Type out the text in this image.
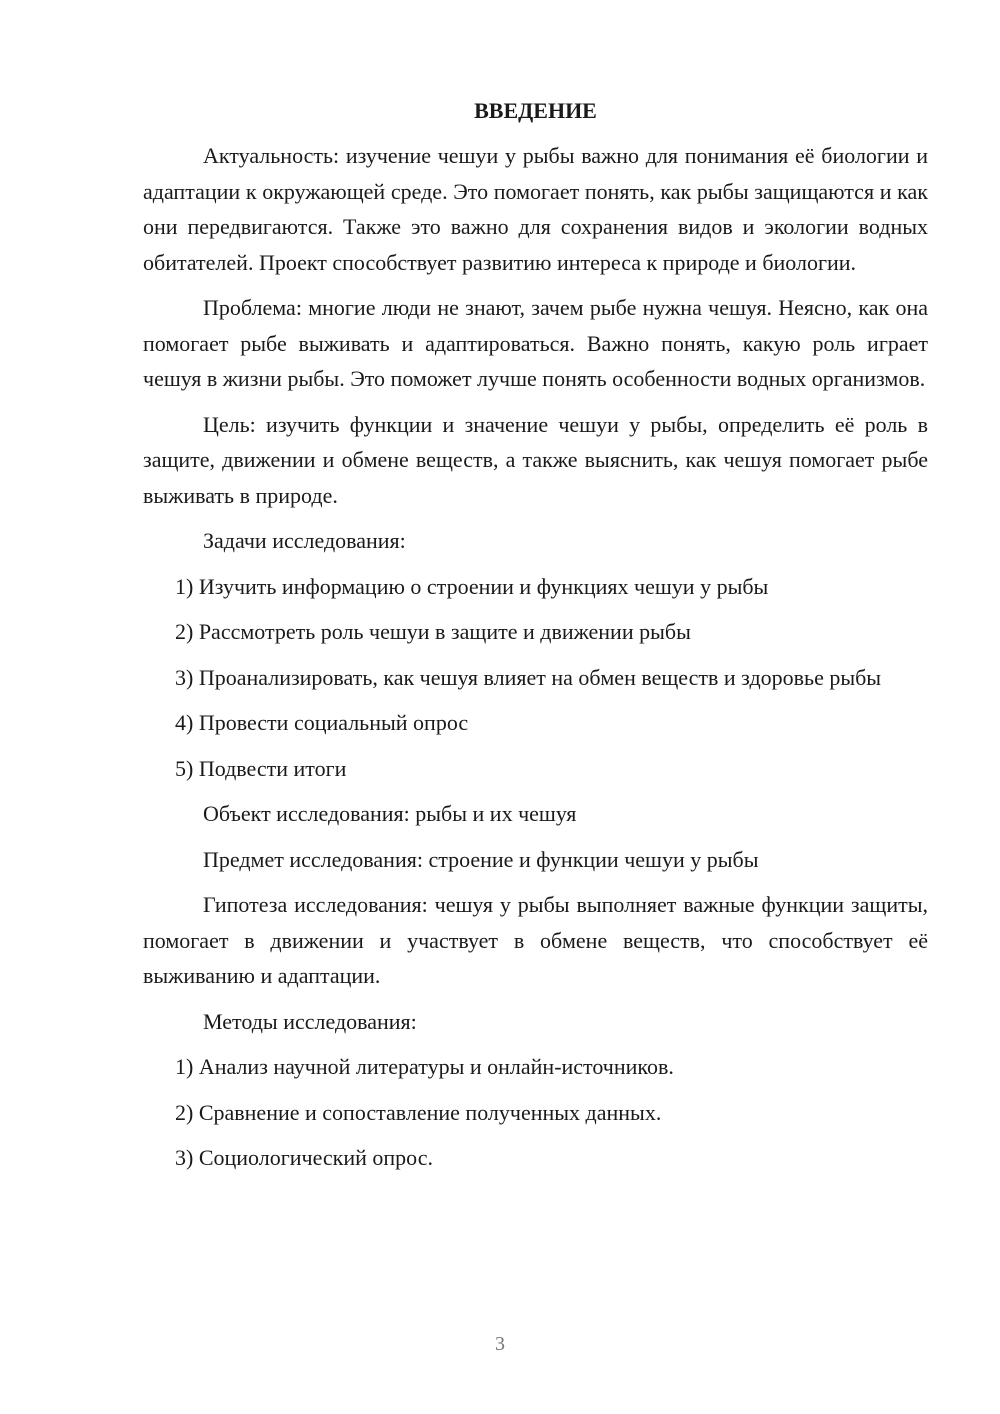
ВВЕДЕНИЕ

Актуальность: изучение чешуи у рыбы важно для понимания её биологии и адаптации к окружающей среде. Это помогает понять, как рыбы защищаются и как они передвигаются. Также это важно для сохранения видов и экологии водных обитателей. Проект способствует развитию интереса к природе и биологии.

Проблема: многие люди не знают, зачем рыбе нужна чешуя. Неясно, как она помогает рыбе выживать и адаптироваться. Важно понять, какую роль играет чешуя в жизни рыбы. Это поможет лучше понять особенности водных организмов.

Цель: изучить функции и значение чешуи у рыбы, определить её роль в защите, движении и обмене веществ, а также выяснить, как чешуя помогает рыбе выживать в природе.

Задачи исследования:
1) Изучить информацию о строении и функциях чешуи у рыбы
2) Рассмотреть роль чешуи в защите и движении рыбы
3) Проанализировать, как чешуя влияет на обмен веществ и здоровье рыбы
4) Провести социальный опрос
5) Подвести итоги
Объект исследования: рыбы и их чешуя
Предмет исследования: строение и функции чешуи у рыбы

Гипотеза исследования: чешуя у рыбы выполняет важные функции защиты, помогает в движении и участвует в обмене веществ, что способствует её выживанию и адаптации.

Методы исследования:
1) Анализ научной литературы и онлайн-источников.
2) Сравнение и сопоставление полученных данных.
3) Социологический опрос.
3
